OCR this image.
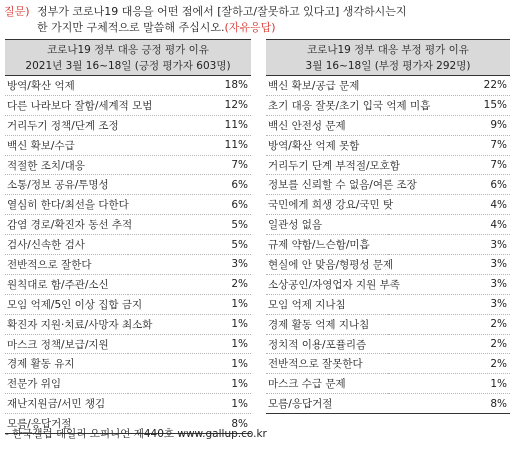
질문) 정부가 코로나19 대응을 어떤 점에서 [잘하고/잘못하고 있다고] 생각하시는지
한 가지만 구체적으로 말씀해 주십시오.(자유응답)
코로나19 정부 대응 긍정 평가 이유
2021년 3월 16~18일 (긍정 평가자 603명)	

방역/확산 억제	18%
다른 나라보다 잘함/세계적 모범	12%
거리두기 정책/단계 조정	11%
백신 확보/수급	11%
적절한 조치/대응	7%
소통/정보 공유/투명성	6%
열심히 한다/최선을 다한다	6%
감염 경로/확진자 동선 추적	5%
검사/신속한 검사	5%
전반적으로 잘한다	3%
원칙대로 함/주관/소신	2%
모임 억제/5인 이상 집합 금지	1%
확진자 지원·치료/사망자 최소화	1%
마스크 정책/보급/지원	1%
경제 활동 유지	1%
전문가 위임	1%
재난지원금/서민 챙김	1%
모름/응답거절	8%
코로나19 정부 대응 부정 평가 이유
3월 16~18일 (부정 평가자 292명)	

백신 확보/공급 문제	22%
초기 대응 잘못/초기 입국 억제 미흡	15%
백신 안전성 문제	9%
방역/확산 억제 못함	7%
거리두기 단계 부적절/모호함	7%
정보를 신뢰할 수 없음/여론 조장	6%
국민에게 희생 강요/국민 탓	4%
일관성 없음	4%
규제 약함/느슨함/미흡	3%
현실에 안 맞음/형평성 문제	3%
소상공인/자영업자 지원 부족	3%
모임 억제 지나침	3%
경제 활동 억제 지나침	2%
정치적 이용/포퓰리즘	2%
전반적으로 잘못한다	2%
마스크 수급 문제	1%
모름/응답거절	8%
- 한국갤럽 데일리 오피니언 제440호 www.gallup.co.kr
